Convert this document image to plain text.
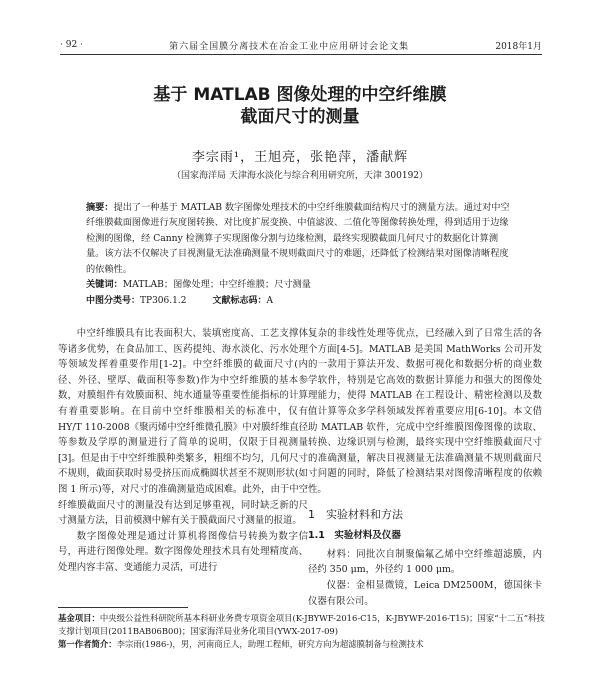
· 92 ·	第六届全国膜分离技术在冶金工业中应用研讨会论文集	2018年1月
基于 MATLAB 图像处理的中空纤维膜
截面尺寸的测量
李宗雨¹，王旭亮，张艳萍，潘献辉
（国家海洋局 天津海水淡化与综合利用研究所，天津 300192）
摘要：提出了一种基于 MATLAB 数字图像处理技术的中空纤维膜截面结构尺寸的测量方法。通过对中空纤维膜截面图像进行灰度图转换、对比度扩展变换、中值滤波、二值化等图像转换处理，得到适用于边缘检测的图像，经 Canny 检测算子实现图像分割与边缘检测，最终实现膜截面几何尺寸的数据化计算测量。该方法不仅解决了目视测量无法准确测量不规则截面尺寸的难题，还降低了检测结果对图像清晰程度的依赖性。
关键词：MATLAB；图像处理；中空纤维膜；尺寸测量
中图分类号：TP306.1.2	文献标志码：A

中空纤维膜具有比表面积大、装填密度高、工艺支撑体等诸多优势，在食品加工、医药提纯、海水淡化、污水处理等领域发挥着重要作用[1-2]。中空纤维膜的截面尺寸(内径、外径、壁厚、截面积等参数)作为中空纤维膜的基本参数，对膜组件有效膜面积、纯水通量等重要性能指标的计算有着重要影响。在目前中空纤维膜相关的标准中，仅有 HY/T 110-2008《聚丙烯中空纤维微孔膜》中对膜纤维直径等参数及学厚的测量进行了简单的说明，仅限于目视测量[3]。但是由于中空纤维膜种类繁多，粗细不均匀，几何尺寸不规则，截面获取时易受挤压而成椭圆状甚至不规则形状(如图 1 所示)等，对尺寸的准确测量造成困难。此外，由于中空纤维膜截面尺寸的测量没有达到足够重视，同时缺乏新的尺寸测量方法，目前模测中解有关于膜截面尺寸测量的报道。

数字图像处理是通过计算机将图像信号转换为数字信号，再进行图像处理。数字图像处理技术具有处理精度高、处理内容丰富、变通能力灵活，可进行

复杂的非线性处理等优点，已经融入到了日常生活的各个方面[4-5]。MATLAB 是美国 MathWorks 公司开发的一款用于算法开发、数据可视化和数据分析的商业数学软件，特别是它高效的数据计算能力和强大的图像处理能力，使得 MATLAB 在工程设计、精密检测以及数值计算等众多学科领域发挥着重要应用[6-10]。本文借助 MATLAB 软件，完成中空纤维膜图像图像的读取、转换、边缘识别与检测，最终实现中空纤维膜截面尺寸的准确测量，解决目视测量无法准确测量不规则截面尺寸问题的同时，降低了检测结果对图像清晰程度的依赖性。

1　实验材料和方法
1.1　实验材料及仪器

材料：同批次自制聚偏氟乙烯中空纤维超滤膜，内径约 350 μm，外径约 1 000 μm。

仪器：金相显微镜，Leica DM2500M，德国徕卡仪器有限公司。

基金项目：中央级公益性科研院所基本科研业务费专项资金项目(K-JBYWF-2016-C15，K-JBYWF-2016-T15)；国家“十二五”科技支撑计划项目(2011BAB06B00)；国家海洋局业务化项目(YWX-2017-09)
第一作者简介：李宗雨(1986-)，男，河南商丘人，助理工程师，研究方向为超滤膜制备与检测技术
